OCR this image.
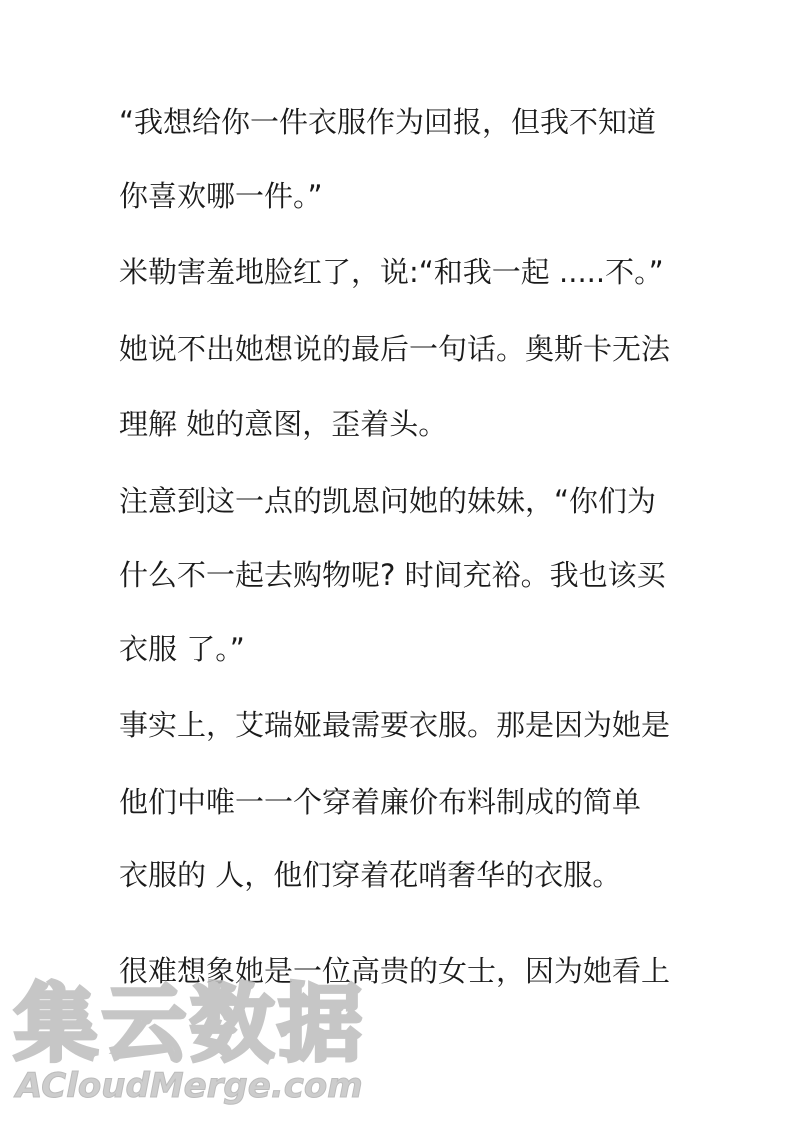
“我想给你一件衣服作为回报，但我不知道
你喜欢哪一件。”
米勒害羞地脸红了，说:“和我一起 .....不。”
她说不出她想说的最后一句话。奥斯卡无法
理解 她的意图，歪着头。
注意到这一点的凯恩问她的妹妹，“你们为
什么不一起去购物呢? 时间充裕。我也该买
衣服 了。”
事实上，艾瑞娅最需要衣服。那是因为她是
他们中唯一一个穿着廉价布料制成的简单
衣服的 人，他们穿着花哨奢华的衣服。
很难想象她是一位高贵的女士，因为她看上
集云数据
ACloudMerge.com
